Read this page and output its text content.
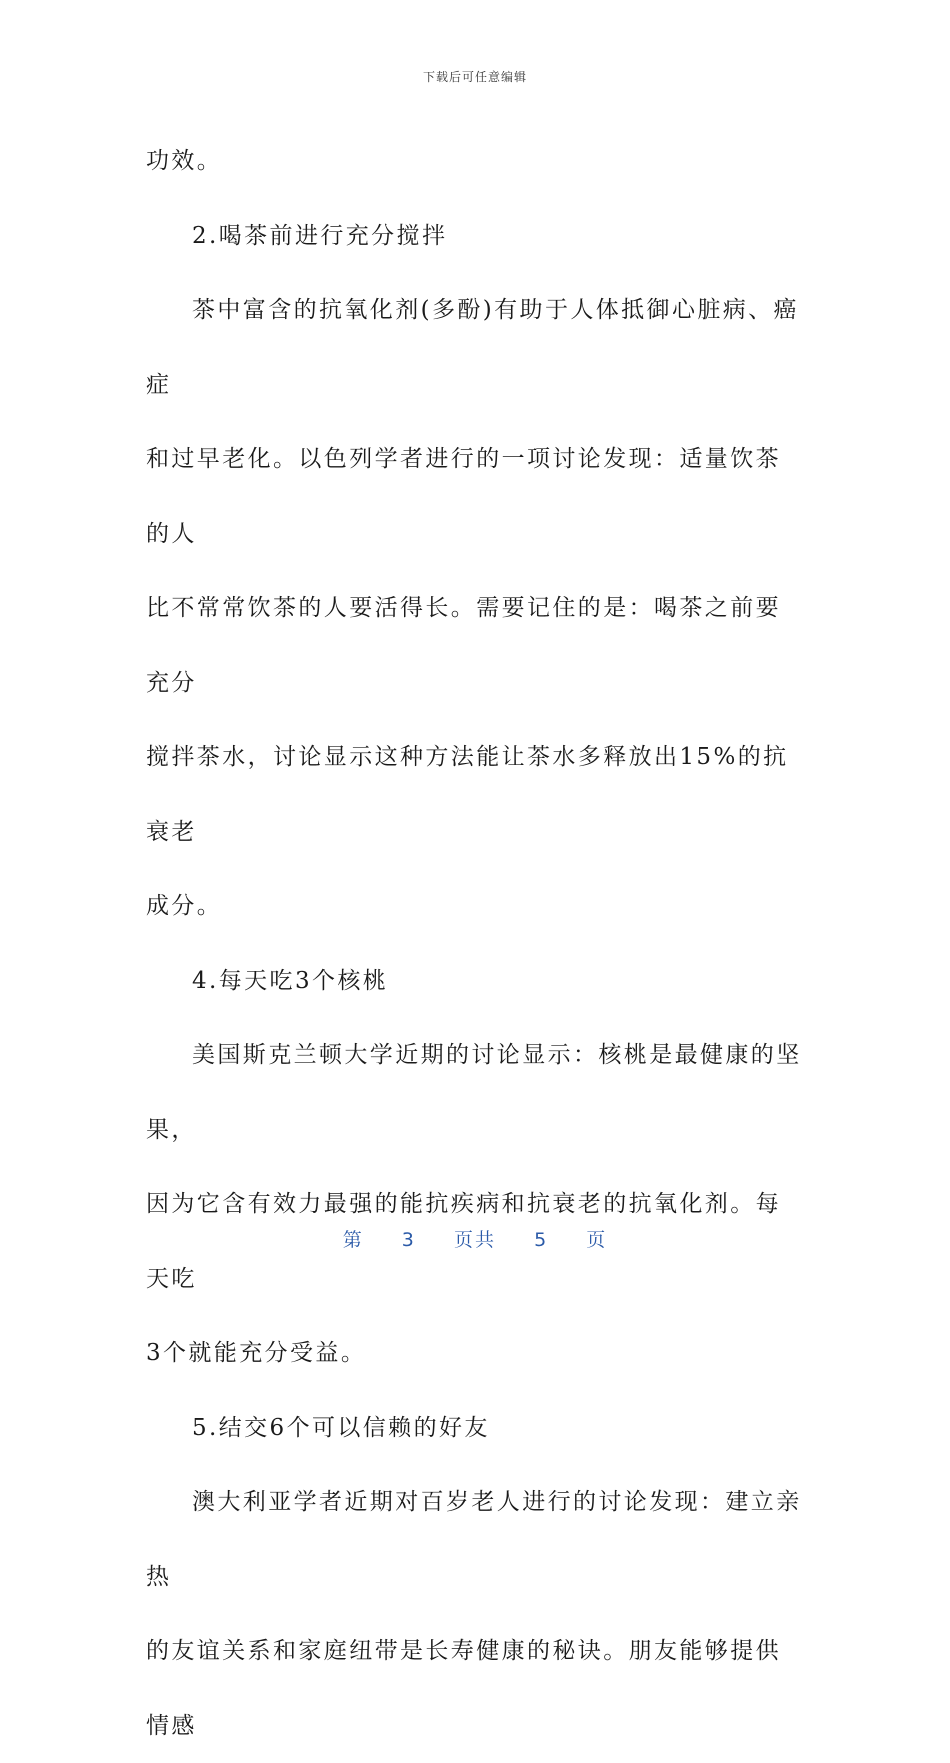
下载后可任意编辑

功效。

2.喝茶前进行充分搅拌

茶中富含的抗氧化剂(多酚)有助于人体抵御心脏病、癌症

和过早老化。以色列学者进行的一项讨论发现：适量饮茶的人

比不常常饮茶的人要活得长。需要记住的是：喝茶之前要充分

搅拌茶水，讨论显示这种方法能让茶水多释放出15%的抗衰老

成分。

4.每天吃3个核桃

美国斯克兰顿大学近期的讨论显示：核桃是最健康的坚果，

因为它含有效力最强的能抗疾病和抗衰老的抗氧化剂。每天吃

3个就能充分受益。

5.结交6个可以信赖的好友

澳大利亚学者近期对百岁老人进行的讨论发现：建立亲热

的友谊关系和家庭纽带是长寿健康的秘诀。朋友能够提供情感

第 3 页共 5 页
